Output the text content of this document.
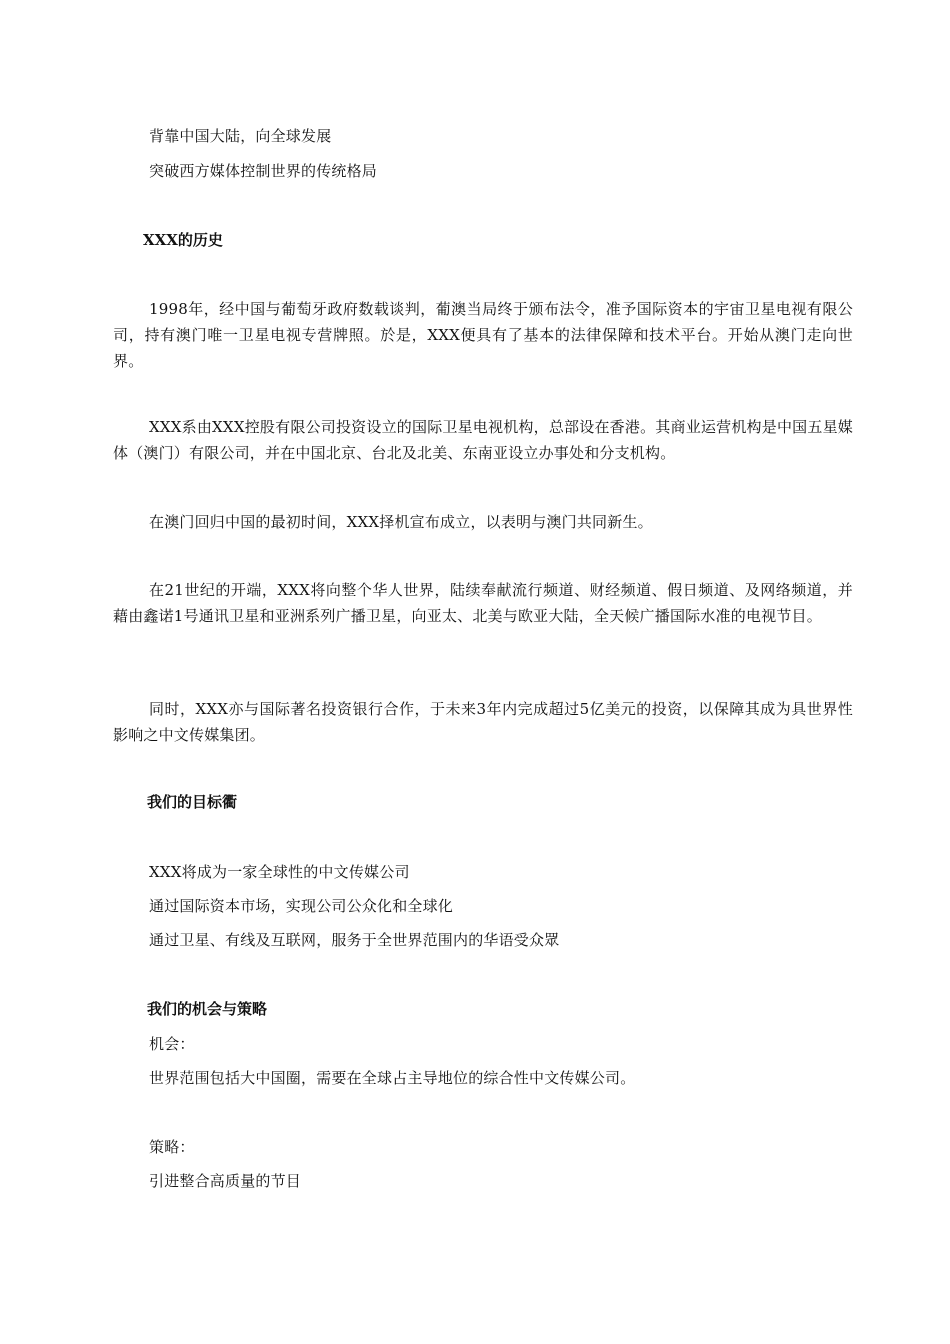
背靠中国大陆，向全球发展
突破西方媒体控制世界的传统格局
XXX的历史
1998年，经中国与葡萄牙政府数载谈判，葡澳当局终于颁布法令，准予国际资本的宇宙卫星电视有限公司，持有澳门唯一卫星电视专营牌照。於是，XXX便具有了基本的法律保障和技术平台。开始从澳门走向世界。
XXX系由XXX控股有限公司投资设立的国际卫星电视机构，总部设在香港。其商业运营机构是中国五星媒体（澳门）有限公司，并在中国北京、台北及北美、东南亚设立办事处和分支机构。
在澳门回归中国的最初时间，XXX择机宣布成立，以表明与澳门共同新生。
在21世纪的开端，XXX将向整个华人世界，陆续奉献流行频道、财经频道、假日频道、及网络频道，并藉由鑫诺1号通讯卫星和亚洲系列广播卫星，向亚太、北美与欧亚大陆，全天候广播国际水准的电视节目。
同时，XXX亦与国际著名投资银行合作，于未来3年内完成超过5亿美元的投资，以保障其成为具世界性影响之中文传媒集团。
我们的目标衢
XXX将成为一家全球性的中文传媒公司
通过国际资本市场，实现公司公众化和全球化
通过卫星、有线及互联网，服务于全世界范围内的华语受众眾
我们的机会与策略
机会：
世界范围包括大中国圈，需要在全球占主导地位的综合性中文传媒公司。
策略：
引进整合高质量的节目
